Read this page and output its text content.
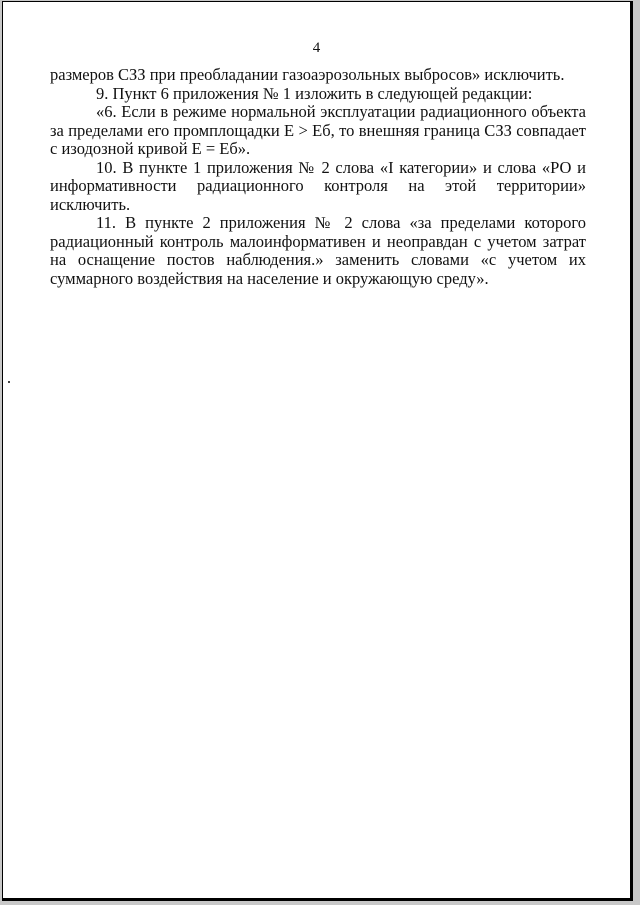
4

размеров СЗЗ при преобладании газоаэрозольных выбросов» исключить.

9. Пункт 6 приложения № 1 изложить в следующей редакции:

«6. Если в режиме нормальной эксплуатации радиационного объекта за пределами его промплощадки E > Eб, то внешняя граница СЗЗ совпадает с изодозной кривой E = Eб».

10. В пункте 1 приложения № 2 слова «I категории» и слова «РО и информативности радиационного контроля на этой территории» исключить.

11. В пункте 2 приложения № 2 слова «за пределами которого радиационный контроль малоинформативен и неоправдан с учетом затрат на оснащение постов наблюдения.» заменить словами «с учетом их суммарного воздействия на население и окружающую среду».
